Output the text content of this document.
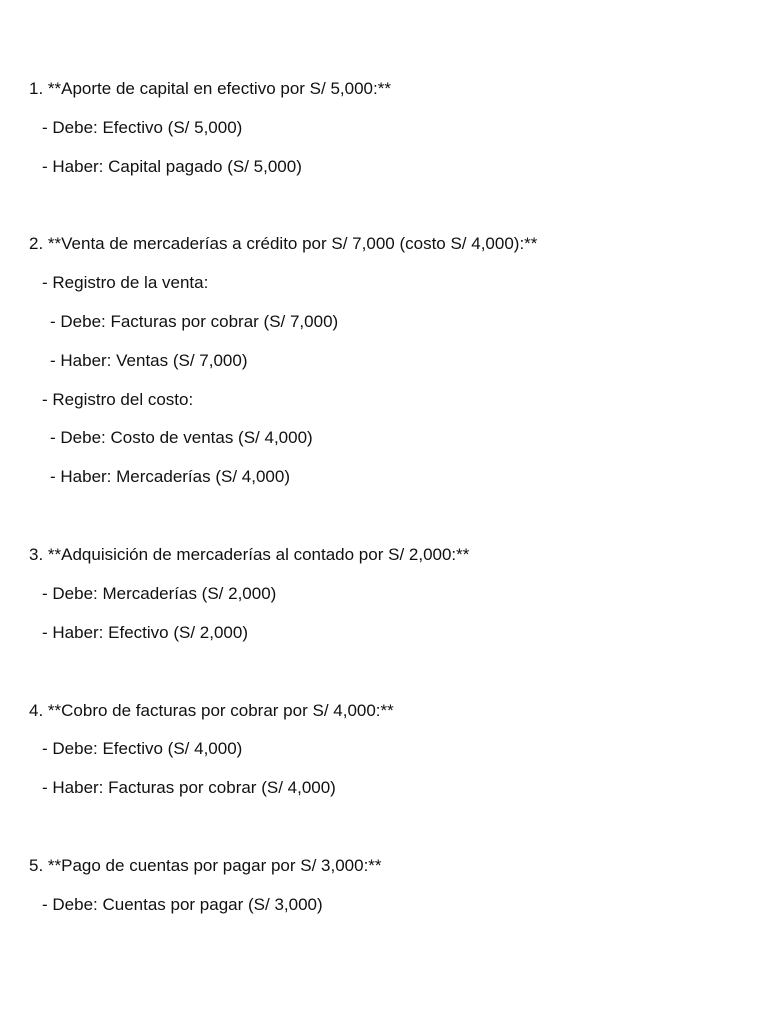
1. **Aporte de capital en efectivo por S/ 5,000:**
- Debe: Efectivo (S/ 5,000)
- Haber: Capital pagado (S/ 5,000)
2. **Venta de mercaderías a crédito por S/ 7,000 (costo S/ 4,000):**
- Registro de la venta:
- Debe: Facturas por cobrar (S/ 7,000)
- Haber: Ventas (S/ 7,000)
- Registro del costo:
- Debe: Costo de ventas (S/ 4,000)
- Haber: Mercaderías (S/ 4,000)
3. **Adquisición de mercaderías al contado por S/ 2,000:**
- Debe: Mercaderías (S/ 2,000)
- Haber: Efectivo (S/ 2,000)
4. **Cobro de facturas por cobrar por S/ 4,000:**
- Debe: Efectivo (S/ 4,000)
- Haber: Facturas por cobrar (S/ 4,000)
5. **Pago de cuentas por pagar por S/ 3,000:**
- Debe: Cuentas por pagar (S/ 3,000)
